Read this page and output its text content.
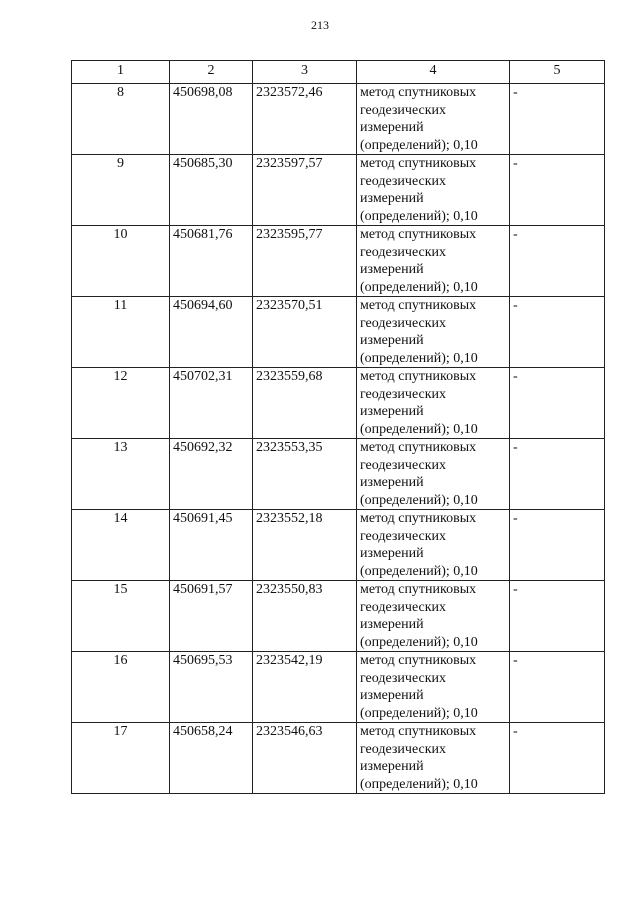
213
1	2	3	4	5
8	450698,08	2323572,46	метод спутниковых
геодезических
измерений
(определений); 0,10	-
9	450685,30	2323597,57	метод спутниковых
геодезических
измерений
(определений); 0,10	-
10	450681,76	2323595,77	метод спутниковых
геодезических
измерений
(определений); 0,10	-
11	450694,60	2323570,51	метод спутниковых
геодезических
измерений
(определений); 0,10	-
12	450702,31	2323559,68	метод спутниковых
геодезических
измерений
(определений); 0,10	-
13	450692,32	2323553,35	метод спутниковых
геодезических
измерений
(определений); 0,10	-
14	450691,45	2323552,18	метод спутниковых
геодезических
измерений
(определений); 0,10	-
15	450691,57	2323550,83	метод спутниковых
геодезических
измерений
(определений); 0,10	-
16	450695,53	2323542,19	метод спутниковых
геодезических
измерений
(определений); 0,10	-
17	450658,24	2323546,63	метод спутниковых
геодезических
измерений
(определений); 0,10	-
